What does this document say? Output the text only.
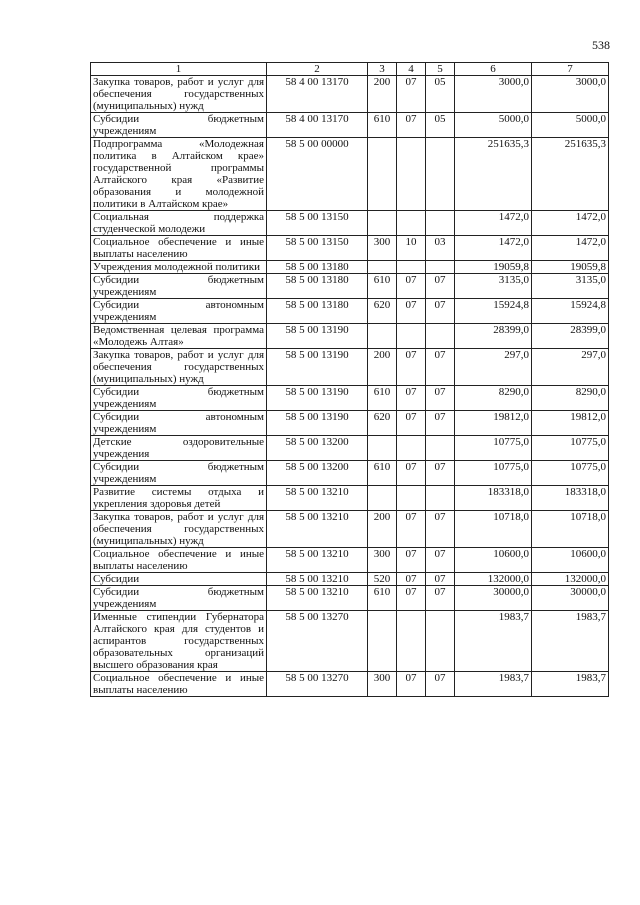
538
1	2	3	4	5	6	7
Закупка товаров, работ и услуг для обеспечения государственных (муниципальных) нужд	58 4 00 13170	200	07	05	3000,0	3000,0
Субсидии бюджетным учреждениям	58 4 00 13170	610	07	05	5000,0	5000,0
Подпрограмма «Молодежная политика в Алтайском крае» государственной программы Алтайского края «Развитие образования и молодежной политики в Алтайском крае»	58 5 00 00000				251635,3	251635,3
Социальная поддержка студенческой молодежи	58 5 00 13150				1472,0	1472,0
Социальное обеспечение и иные выплаты населению	58 5 00 13150	300	10	03	1472,0	1472,0
Учреждения молодежной политики	58 5 00 13180				19059,8	19059,8
Субсидии бюджетным учреждениям	58 5 00 13180	610	07	07	3135,0	3135,0
Субсидии автономным учреждениям	58 5 00 13180	620	07	07	15924,8	15924,8
Ведомственная целевая программа «Молодежь Алтая»	58 5 00 13190				28399,0	28399,0
Закупка товаров, работ и услуг для обеспечения государственных (муниципальных) нужд	58 5 00 13190	200	07	07	297,0	297,0
Субсидии бюджетным учреждениям	58 5 00 13190	610	07	07	8290,0	8290,0
Субсидии автономным учреждениям	58 5 00 13190	620	07	07	19812,0	19812,0
Детские оздоровительные учреждения	58 5 00 13200				10775,0	10775,0
Субсидии бюджетным учреждениям	58 5 00 13200	610	07	07	10775,0	10775,0
Развитие системы отдыха и укрепления здоровья детей	58 5 00 13210				183318,0	183318,0
Закупка товаров, работ и услуг для обеспечения государственных (муниципальных) нужд	58 5 00 13210	200	07	07	10718,0	10718,0
Социальное обеспечение и иные выплаты населению	58 5 00 13210	300	07	07	10600,0	10600,0
Субсидии	58 5 00 13210	520	07	07	132000,0	132000,0
Субсидии бюджетным учреждениям	58 5 00 13210	610	07	07	30000,0	30000,0
Именные стипендии Губернатора Алтайского края для студентов и аспирантов государственных образовательных организаций высшего образования края	58 5 00 13270				1983,7	1983,7
Социальное обеспечение и иные выплаты населению	58 5 00 13270	300	07	07	1983,7	1983,7
